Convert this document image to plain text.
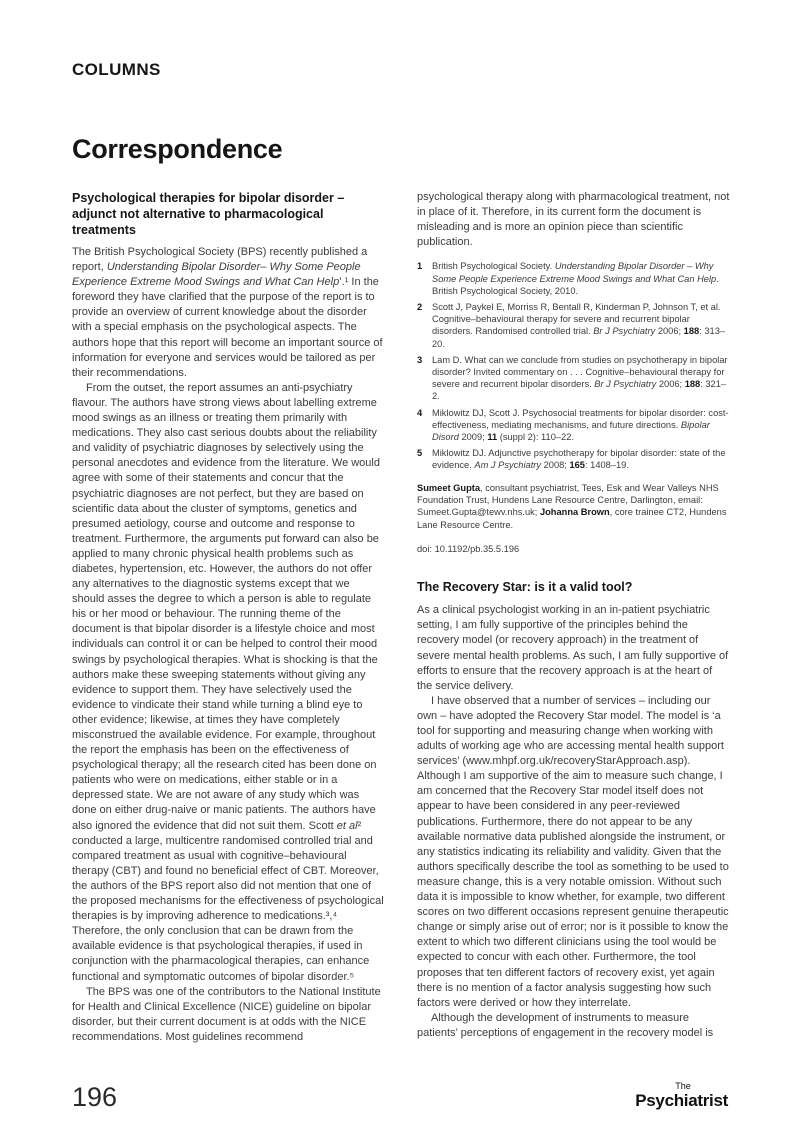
COLUMNS
Correspondence
Psychological therapies for bipolar disorder – adjunct not alternative to pharmacological treatments

The British Psychological Society (BPS) recently published a report, Understanding Bipolar Disorder– Why Some People Experience Extreme Mood Swings and What Can Help’.¹ In the foreword they have clarified that the purpose of the report is to provide an overview of current knowledge about the disorder with a special emphasis on the psychological aspects. The authors hope that this report will become an important source of information for everyone and services would be tailored as per their recommendations.

From the outset, the report assumes an anti-psychiatry flavour. The authors have strong views about labelling extreme mood swings as an illness or treating them primarily with medications. They also cast serious doubts about the reliability and validity of psychiatric diagnoses by selectively using the personal anecdotes and evidence from the literature. We would agree with some of their statements and concur that the psychiatric diagnoses are not perfect, but they are based on scientific data about the cluster of symptoms, genetics and presumed aetiology, course and outcome and response to treatment. Furthermore, the arguments put forward can also be applied to many chronic physical health problems such as diabetes, hypertension, etc. However, the authors do not offer any alternatives to the diagnostic systems except that we should asses the degree to which a person is able to regulate his or her mood or behaviour. The running theme of the document is that bipolar disorder is a lifestyle choice and most individuals can control it or can be helped to control their mood swings by psychological therapies. What is shocking is that the authors make these sweeping statements without giving any evidence to support them. They have selectively used the evidence to vindicate their stand while turning a blind eye to other evidence; likewise, at times they have completely misconstrued the available evidence. For example, throughout the report the emphasis has been on the effectiveness of psychological therapy; all the research cited has been done on patients who were on medications, either stable or in a depressed state. We are not aware of any study which was done on either drug-naive or manic patients. The authors have also ignored the evidence that did not suit them. Scott et al² conducted a large, multicentre randomised controlled trial and compared treatment as usual with cognitive–behavioural therapy (CBT) and found no beneficial effect of CBT. Moreover, the authors of the BPS report also did not mention that one of the proposed mechanisms for the effectiveness of psychological therapies is by improving adherence to medications.³,⁴ Therefore, the only conclusion that can be drawn from the available evidence is that psychological therapies, if used in conjunction with the pharmacological therapies, can enhance functional and symptomatic outcomes of bipolar disorder.⁵

The BPS was one of the contributors to the National Institute for Health and Clinical Excellence (NICE) guideline on bipolar disorder, but their current document is at odds with the NICE recommendations. Most guidelines recommend

psychological therapy along with pharmacological treatment, not in place of it. Therefore, in its current form the document is misleading and is more an opinion piece than scientific publication.

1	British Psychological Society. Understanding Bipolar Disorder – Why Some People Experience Extreme Mood Swings and What Can Help. British Psychological Society, 2010.
2	Scott J, Paykel E, Morriss R, Bentall R, Kinderman P, Johnson T, et al. Cognitive–behavioural therapy for severe and recurrent bipolar disorders. Randomised controlled trial. Br J Psychiatry 2006; 188: 313–20.
3	Lam D. What can we conclude from studies on psychotherapy in bipolar disorder? Invited commentary on . . . Cognitive–behavioural therapy for severe and recurrent bipolar disorders. Br J Psychiatry 2006; 188: 321–2.
4	Miklowitz DJ, Scott J. Psychosocial treatments for bipolar disorder: cost-effectiveness, mediating mechanisms, and future directions. Bipolar Disord 2009; 11 (suppl 2): 110–22.
5	Miklowitz DJ. Adjunctive psychotherapy for bipolar disorder: state of the evidence. Am J Psychiatry 2008; 165: 1408–19.

Sumeet Gupta, consultant psychiatrist, Tees, Esk and Wear Valleys NHS Foundation Trust, Hundens Lane Resource Centre, Darlington, email: Sumeet.Gupta@tewv.nhs.uk; Johanna Brown, core trainee CT2, Hundens Lane Resource Centre.

doi: 10.1192/pb.35.5.196

The Recovery Star: is it a valid tool?

As a clinical psychologist working in an in-patient psychiatric setting, I am fully supportive of the principles behind the recovery model (or recovery approach) in the treatment of severe mental health problems. As such, I am fully supportive of efforts to ensure that the recovery approach is at the heart of the service delivery.

I have observed that a number of services – including our own – have adopted the Recovery Star model. The model is ‘a tool for supporting and measuring change when working with adults of working age who are accessing mental health support services’ (www.mhpf.org.uk/recoveryStarApproach.asp). Although I am supportive of the aim to measure such change, I am concerned that the Recovery Star model itself does not appear to have been considered in any peer-reviewed publications. Furthermore, there do not appear to be any available normative data published alongside the instrument, or any statistics indicating its reliability and validity. Given that the authors specifically describe the tool as something to be used to measure change, this is a very notable omission. Without such data it is impossible to know whether, for example, two different scores on two different occasions represent genuine therapeutic change or simply arise out of error; nor is it possible to know the extent to which two different clinicians using the tool would be expected to concur with each other. Furthermore, the tool proposes that ten different factors of recovery exist, yet again there is no mention of a factor analysis suggesting how such factors were derived or how they interrelate.

Although the development of instruments to measure patients’ perceptions of engagement in the recovery model is

196	The
Psychiatrist
